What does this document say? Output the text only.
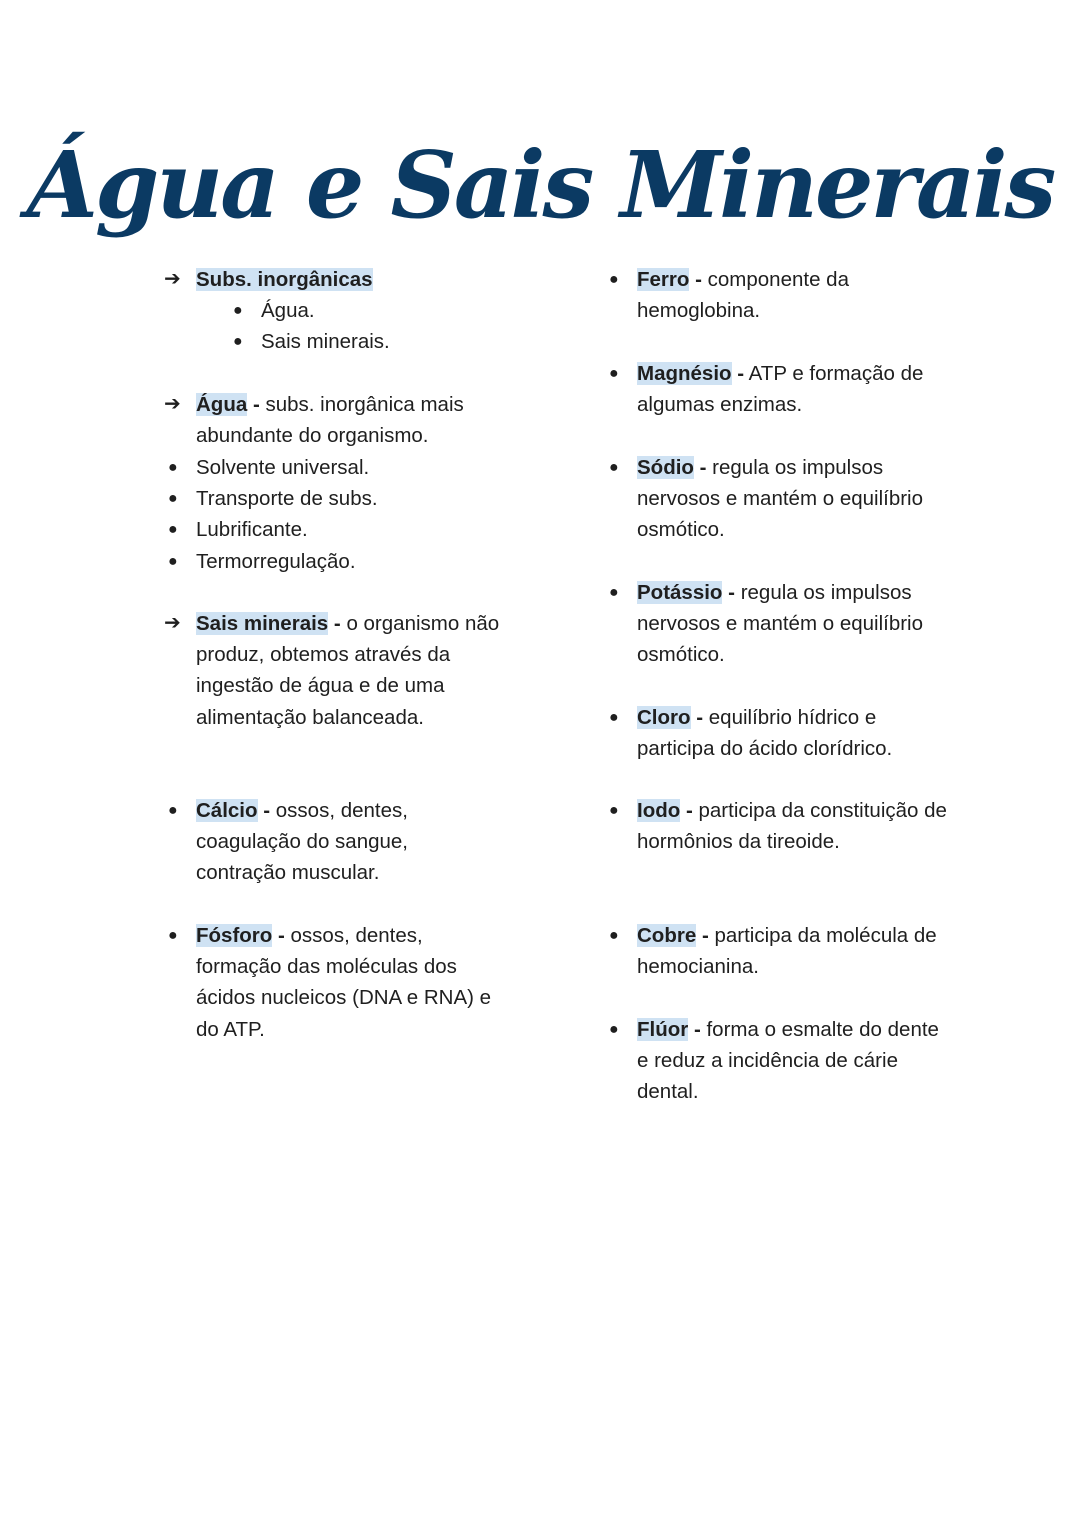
Água e Sais Minerais
➔ Subs. inorgânicas
● Água.
● Sais minerais.
➔ Água - subs. inorgânica mais abundante do organismo.
● Solvente universal.
● Transporte de subs.
● Lubrificante.
● Termorregulação.
➔ Sais minerais - o organismo não produz, obtemos através da ingestão de água e de uma alimentação balanceada.
● Cálcio - ossos, dentes, coagulação do sangue, contração muscular.
● Fósforo - ossos, dentes, formação das moléculas dos ácidos nucleicos (DNA e RNA) e do ATP.
● Ferro - componente da hemoglobina.
● Magnésio - ATP e formação de algumas enzimas.
● Sódio - regula os impulsos nervosos e mantém o equilíbrio osmótico.
● Potássio - regula os impulsos nervosos e mantém o equilíbrio osmótico.
● Cloro - equilíbrio hídrico e participa do ácido clorídrico.
● Iodo - participa da constituição de hormônios da tireoide.
● Cobre - participa da molécula de hemocianina.
● Flúor - forma o esmalte do dente e reduz a incidência de cárie dental.
